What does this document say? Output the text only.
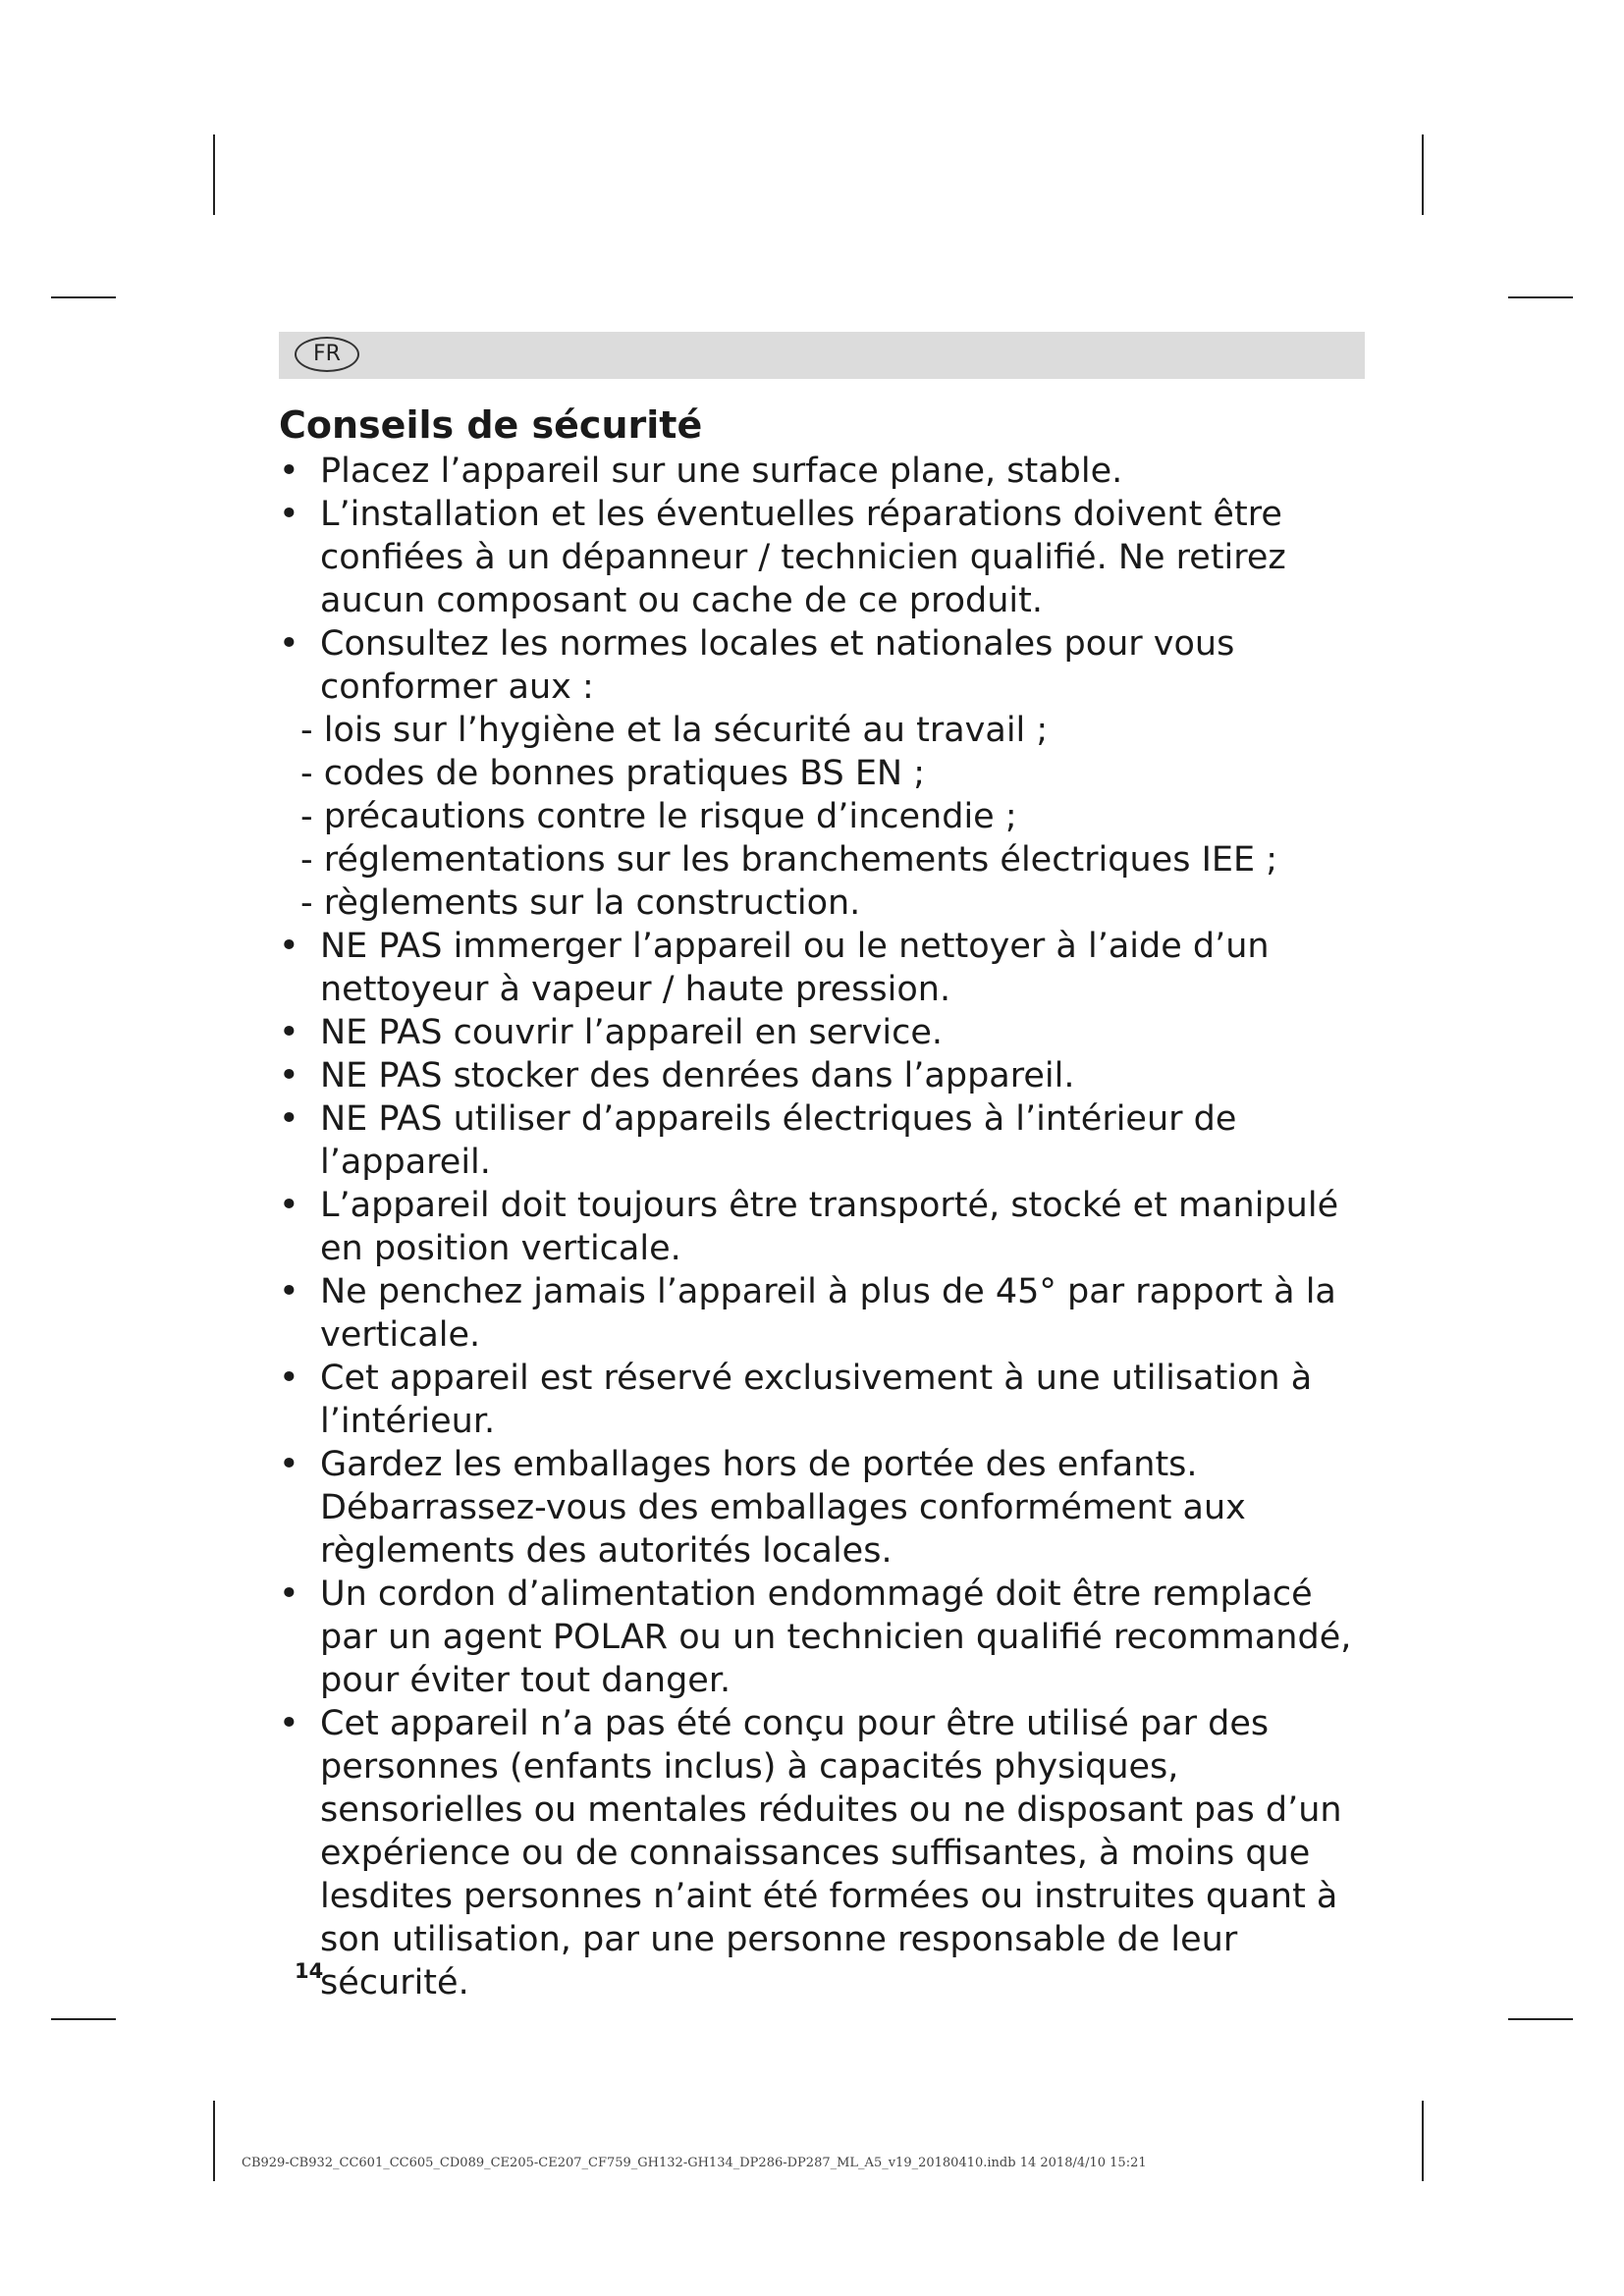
FR
Conseils de sécurité
• Placez l’appareil sur une surface plane, stable.
• L’installation et les éventuelles réparations doivent être confiées à un dépanneur / technicien qualifié. Ne retirez aucun composant ou cache de ce produit.
• Consultez les normes locales et nationales pour vous conformer aux :
- lois sur l’hygiène et la sécurité au travail ;
- codes de bonnes pratiques BS EN ;
- précautions contre le risque d’incendie ;
- réglementations sur les branchements électriques IEE ;
- règlements sur la construction.
• NE PAS immerger l’appareil ou le nettoyer à l’aide d’un nettoyeur à vapeur / haute pression.
• NE PAS couvrir l’appareil en service.
• NE PAS stocker des denrées dans l’appareil.
• NE PAS utiliser d’appareils électriques à l’intérieur de l’appareil.
• L’appareil doit toujours être transporté, stocké et manipulé en position verticale.
• Ne penchez jamais l’appareil à plus de 45° par rapport à la verticale.
• Cet appareil est réservé exclusivement à une utilisation à l’intérieur.
• Gardez les emballages hors de portée des enfants. Débarrassez-vous des emballages conformément aux règlements des autorités locales.
• Un cordon d’alimentation endommagé doit être remplacé par un agent POLAR ou un technicien qualifié recommandé, pour éviter tout danger.
• Cet appareil n’a pas été conçu pour être utilisé par des personnes (enfants inclus) à capacités physiques, sensorielles ou mentales réduites ou ne disposant pas d’un expérience ou de connaissances suffisantes, à moins que lesdites personnes n’aint été formées ou instruites quant à son utilisation, par une personne responsable de leur sécurité.
14
CB929-CB932_CC601_CC605_CD089_CE205-CE207_CF759_GH132-GH134_DP286-DP287_ML_A5_v19_20180410.indb 14 2018/4/10 15:21
